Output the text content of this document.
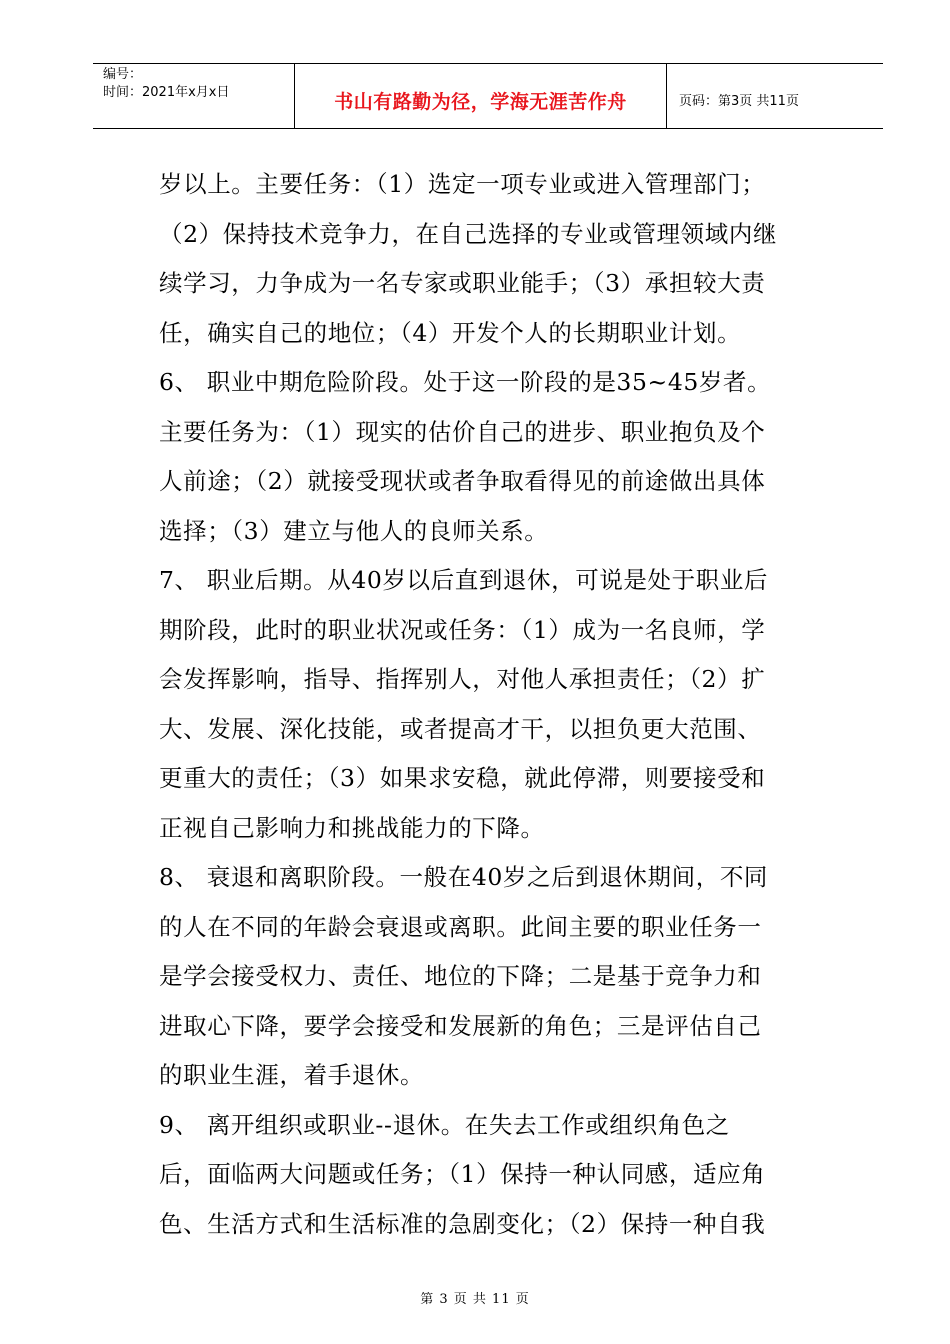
编号：
时间：2021年x月x日	书山有路勤为径，学海无涯苦作舟	页码：第3页 共11页
岁以上。主要任务：（1）选定一项专业或进入管理部门；
（2）保持技术竞争力，在自己选择的专业或管理领域内继
续学习，力争成为一名专家或职业能手；（3）承担较大责
任，确实自己的地位；（4）开发个人的长期职业计划。
6、 职业中期危险阶段。处于这一阶段的是35~45岁者。
主要任务为：（1）现实的估价自己的进步、职业抱负及个
人前途；（2）就接受现状或者争取看得见的前途做出具体
选择；（3）建立与他人的良师关系。
7、 职业后期。从40岁以后直到退休，可说是处于职业后
期阶段，此时的职业状况或任务：（1）成为一名良师，学
会发挥影响，指导、指挥别人，对他人承担责任；（2）扩
大、发展、深化技能，或者提高才干，以担负更大范围、
更重大的责任；（3）如果求安稳，就此停滞，则要接受和
正视自己影响力和挑战能力的下降。
8、 衰退和离职阶段。一般在40岁之后到退休期间，不同
的人在不同的年龄会衰退或离职。此间主要的职业任务一
是学会接受权力、责任、地位的下降；二是基于竞争力和
进取心下降，要学会接受和发展新的角色；三是评估自己
的职业生涯，着手退休。
9、 离开组织或职业--退休。在失去工作或组织角色之
后，面临两大问题或任务；（1）保持一种认同感，适应角
色、生活方式和生活标准的急剧变化；（2）保持一种自我
第 3 页 共 11 页
